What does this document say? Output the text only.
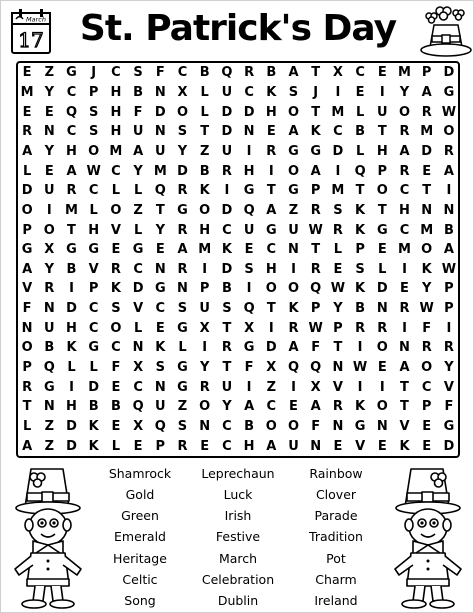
March
17	St. Patrick's Day
E	Z G	J	C S	F C B Q R B A T X C E M P D
M Y C P H B N X	L U C K S	J	I	E	I	Y A G
E	E Q S H F D O L D D H O T M L U O R W
R N C S H U N S	T D N E A K C B T R M O
A Y H O M A U Y Z U	I	R G G D L H A D R
L	E A W C Y M D B R H	I	O A	I	Q P R E A
D U R C	L	L Q R K	I	G T G P M T O C T	I
O	I	M L O Z	T G O D Q A Z R S K T H N N
P O T H V	L	Y R H C U G U W R K G C M B
G X G G E G E A M K E C N T	L	P E M O A
A Y B V R C N R	I	D S H	I	R E	S	L	I	K W
V R	I	P K D G N P B	I	O O Q W K D E	Y P
F N D C S V C S U S Q T K P Y B N R W P
N U H C O L	E G X T X	I	R W P R R	I	F	I
O B K G C N K	L	I	R G D A F	T	I	O N R R
P Q L	L	F X S G Y	T	F X Q Q N W E A O Y
R G	I	D E C N G R U	I	Z	I	X V	I	I	T	C V
T N H B B Q U Z O Y A C E A R K O T	P	F
L	Z D K E X Q S N C B O O F N G N V E G
A Z D K	L	E P R E C H A U N E V E K E D
Shamrock
Gold
Green
Emerald
Heritage
Celtic
Song
Leprechaun
Luck
Irish
Festive
March
Celebration
Dublin
Rainbow
Clover
Parade
Tradition
Pot
Charm
Ireland
